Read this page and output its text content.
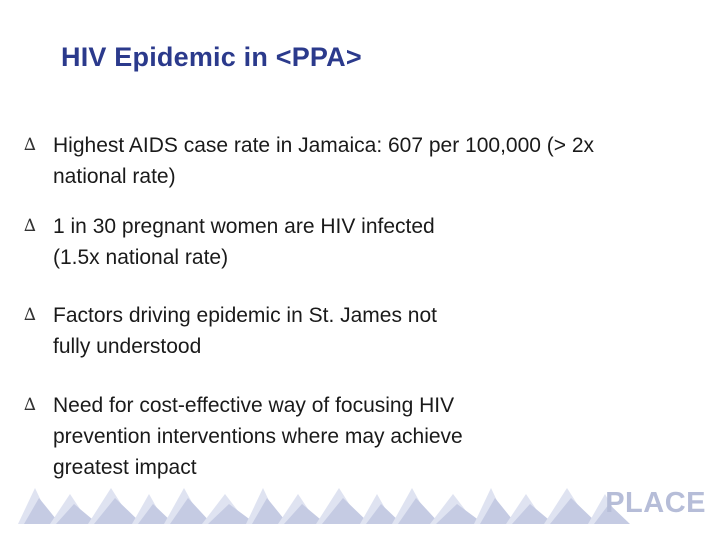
HIV Epidemic in <PPA>
∆ Highest AIDS case rate in Jamaica: 607 per 100,000 (> 2x
national rate)
∆ 1 in 30 pregnant women are HIV infected
(1.5x national rate)
∆ Factors driving epidemic in St. James not
fully understood
∆ Need for cost-effective way of focusing HIV
prevention interventions where may achieve
greatest impact
PLACE
